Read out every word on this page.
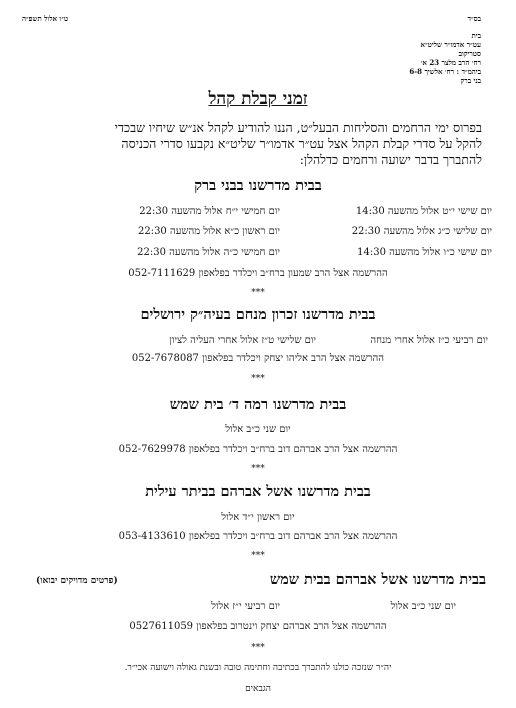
בס״ד
ט״ו אלול תשפ״ה
בית
עט״ר אדמו״ר שליט״א
סטריקוב
רח׳ הרב מלצר 23 א׳
ביהמ״ד : רח׳ אלשיך 6-8
בני ברק
זמני קבלת קהל
בפרוס ימי הרחמים והסליחות הבעל״ט, הננו להודיע לקהל אנ״ש שיחיו שבכדי
להקל על סדרי קבלת הקהל אצל עט״ר אדמו״ר שליט״א נקבעו סדרי הכניסה
להתברך בדבר ישועה ורחמים כדלהלן:
בבית מדרשנו בבני ברק
יום חמישי י״ח אלול מהשעה 22:30	יום שישי י״ט אלול מהשעה 14:30
יום ראשון כ״א אלול מהשעה 22:30	יום שלישי כ״ג אלול מהשעה 22:30
יום חמישי כ״ה אלול מהשעה 22:30	יום שישי כ״ו אלול מהשעה 14:30
ההרשמה אצל הרב שמעון ברח״ב ויכלדר בפלאפון 052-7111629
***
בבית מדרשנו זכרון מנחם בעיה״ק ירושלים
יום שלישי ט״ז אלול אחרי העליה לציון	יום רביעי כ״ז אלול אחרי מנחה
ההרשמה אצל הרב אליהו יצחק ויכלדר בפלאפון 052-7678087
***
בבית מדרשנו רמה ד׳ בית שמש
יום שני כ״ב אלול
ההרשמה אצל הרב אברהם דוב ברח״ב ויכלדר בפלאפון 052-7629978
***
בבית מדרשנו אשל אברהם בביתר עילית
יום ראשון י״ד אלול
ההרשמה אצל הרב אברהם דוב ברח״ב ויכלדר בפלאפון 053-4133610
***
בבית מדרשנו אשל אברהם בבית שמש
(פרטים מדויקים יבואו)
יום רביעי י״ז אלול	יום שני כ״ב אלול
ההרשמה אצל הרב אברהם יצחק וינטרוב בפלאפון 0527611059
***
יה״ר שנזכה כולנו להתברך בכתיבה וחתימה טובה ובשנת גאולה וישועה אכי״ר.
הגבאים
